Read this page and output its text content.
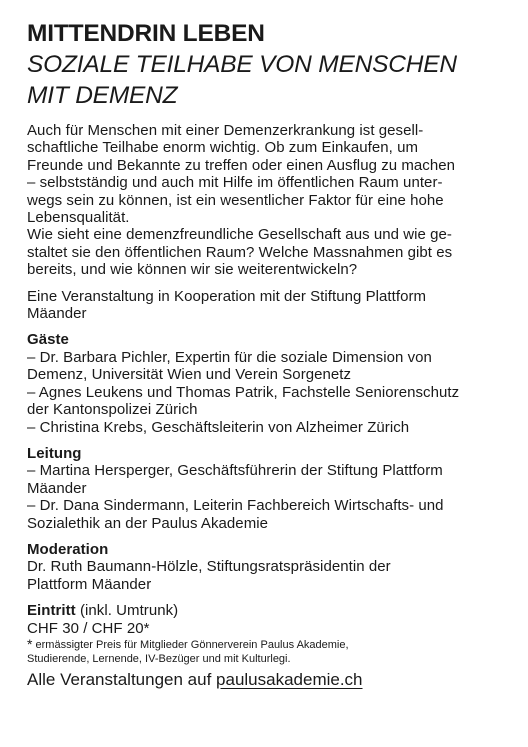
MITTENDRIN LEBEN
SOZIALE TEILHABE VON MENSCHEN
MIT DEMENZ

Auch für Menschen mit einer Demenzerkrankung ist gesell-
schaftliche Teilhabe enorm wichtig. Ob zum Einkaufen, um
Freunde und Bekannte zu treffen oder einen Ausflug zu machen
– selbstständig und auch mit Hilfe im öffentlichen Raum unter-
wegs sein zu können, ist ein wesentlicher Faktor für eine hohe
Lebensqualität.
Wie sieht eine demenzfreundliche Gesellschaft aus und wie ge-
staltet sie den öffentlichen Raum? Welche Massnahmen gibt es
bereits, und wie können wir sie weiterentwickeln?

Eine Veranstaltung in Kooperation mit der Stiftung Plattform
Mäander

Gäste
– Dr. Barbara Pichler, Expertin für die soziale Dimension von
Demenz, Universität Wien und Verein Sorgenetz
– Agnes Leukens und Thomas Patrik, Fachstelle Seniorenschutz
der Kantonspolizei Zürich
– Christina Krebs, Geschäftsleiterin von Alzheimer Zürich
Leitung
– Martina Hersperger, Geschäftsführerin der Stiftung Plattform
Mäander
– Dr. Dana Sindermann, Leiterin Fachbereich Wirtschafts- und
Sozialethik an der Paulus Akademie
Moderation
Dr. Ruth Baumann-Hölzle, Stiftungsratspräsidentin der
Plattform Mäander
Eintritt (inkl. Umtrunk)
CHF 30 / CHF 20*

* ermässigter Preis für Mitglieder Gönnerverein Paulus Akademie,
Studierende, Lernende, IV-Bezüger und mit Kulturlegi.

Alle Veranstaltungen auf paulusakademie.ch
